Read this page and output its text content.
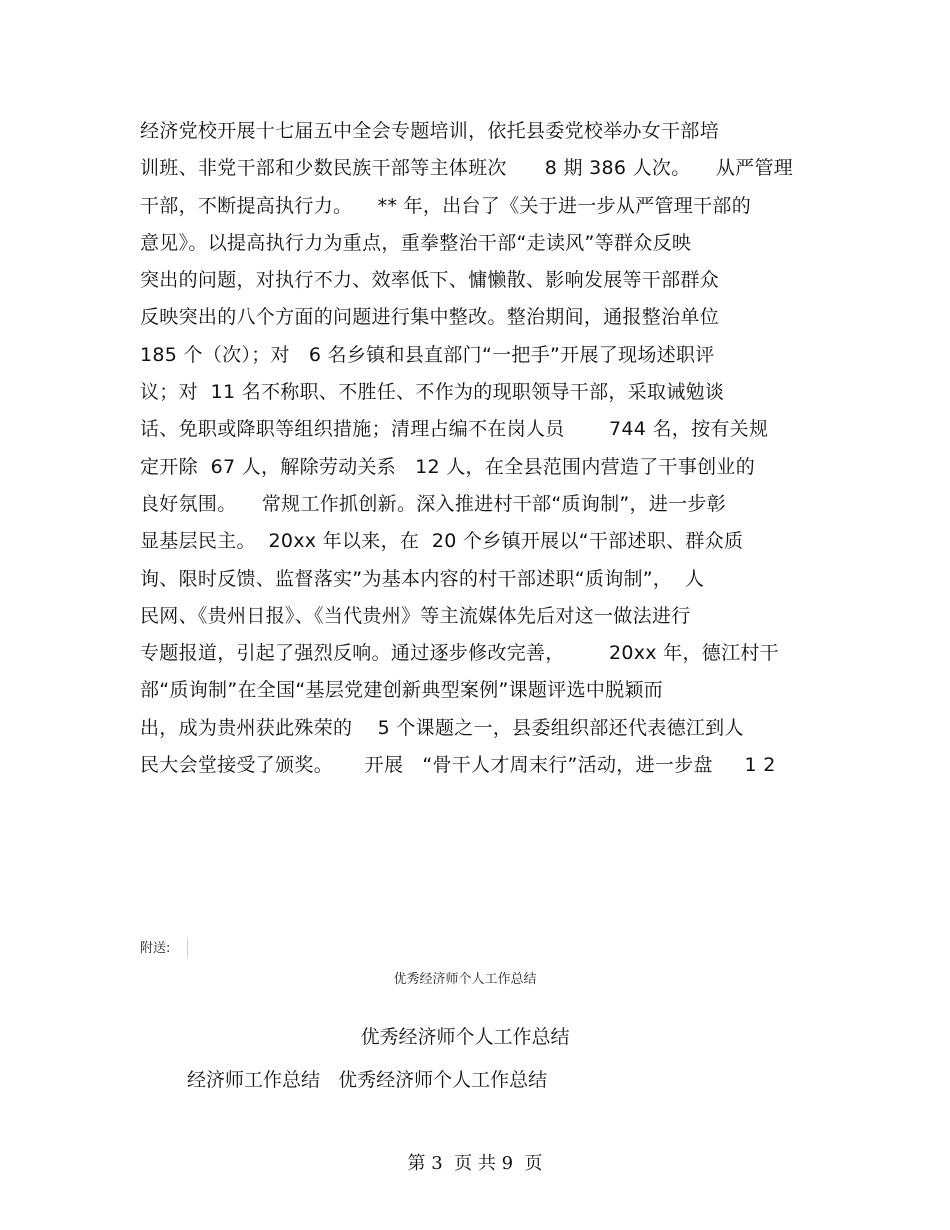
经济党校开展十七届五中全会专题培训，依托县委党校举办女干部培
训班、非党干部和少数民族干部等主体班次      8 期 386 人次。    从严管理
干部，不断提高执行力。    ** 年，出台了《关于进一步从严管理干部的
意见》。以提高执行力为重点，重拳整治干部“走读风”等群众反映
突出的问题，对执行不力、效率低下、慵懒散、影响发展等干部群众
反映突出的八个方面的问题进行集中整改。整治期间，通报整治单位
185 个（次）；对   6 名乡镇和县直部门“一把手”开展了现场述职评
议；对  11 名不称职、不胜任、不作为的现职领导干部，采取诫勉谈
话、免职或降职等组织措施；清理占编不在岗人员       744 名，按有关规
定开除  67 人，解除劳动关系   12 人，在全县范围内营造了干事创业的
良好氛围。    常规工作抓创新。深入推进村干部“质询制”，进一步彰
显基层民主。  20xx 年以来，在  20 个乡镇开展以“干部述职、群众质
询、限时反馈、监督落实”为基本内容的村干部述职“质询制”，  人
民网、《贵州日报》、《当代贵州》等主流媒体先后对这一做法进行
专题报道，引起了强烈反响。通过逐步修改完善，       20xx 年，德江村干
部“质询制”在全国“基层党建创新典型案例”课题评选中脱颖而
出，成为贵州获此殊荣的    5 个课题之一，县委组织部还代表德江到人
民大会堂接受了颁奖。     开展   “骨干人才周末行”活动，进一步盘     1 2
附送:
优秀经济师个人工作总结
优秀经济师个人工作总结
经济师工作总结   优秀经济师个人工作总结
第 3  页 共 9  页
